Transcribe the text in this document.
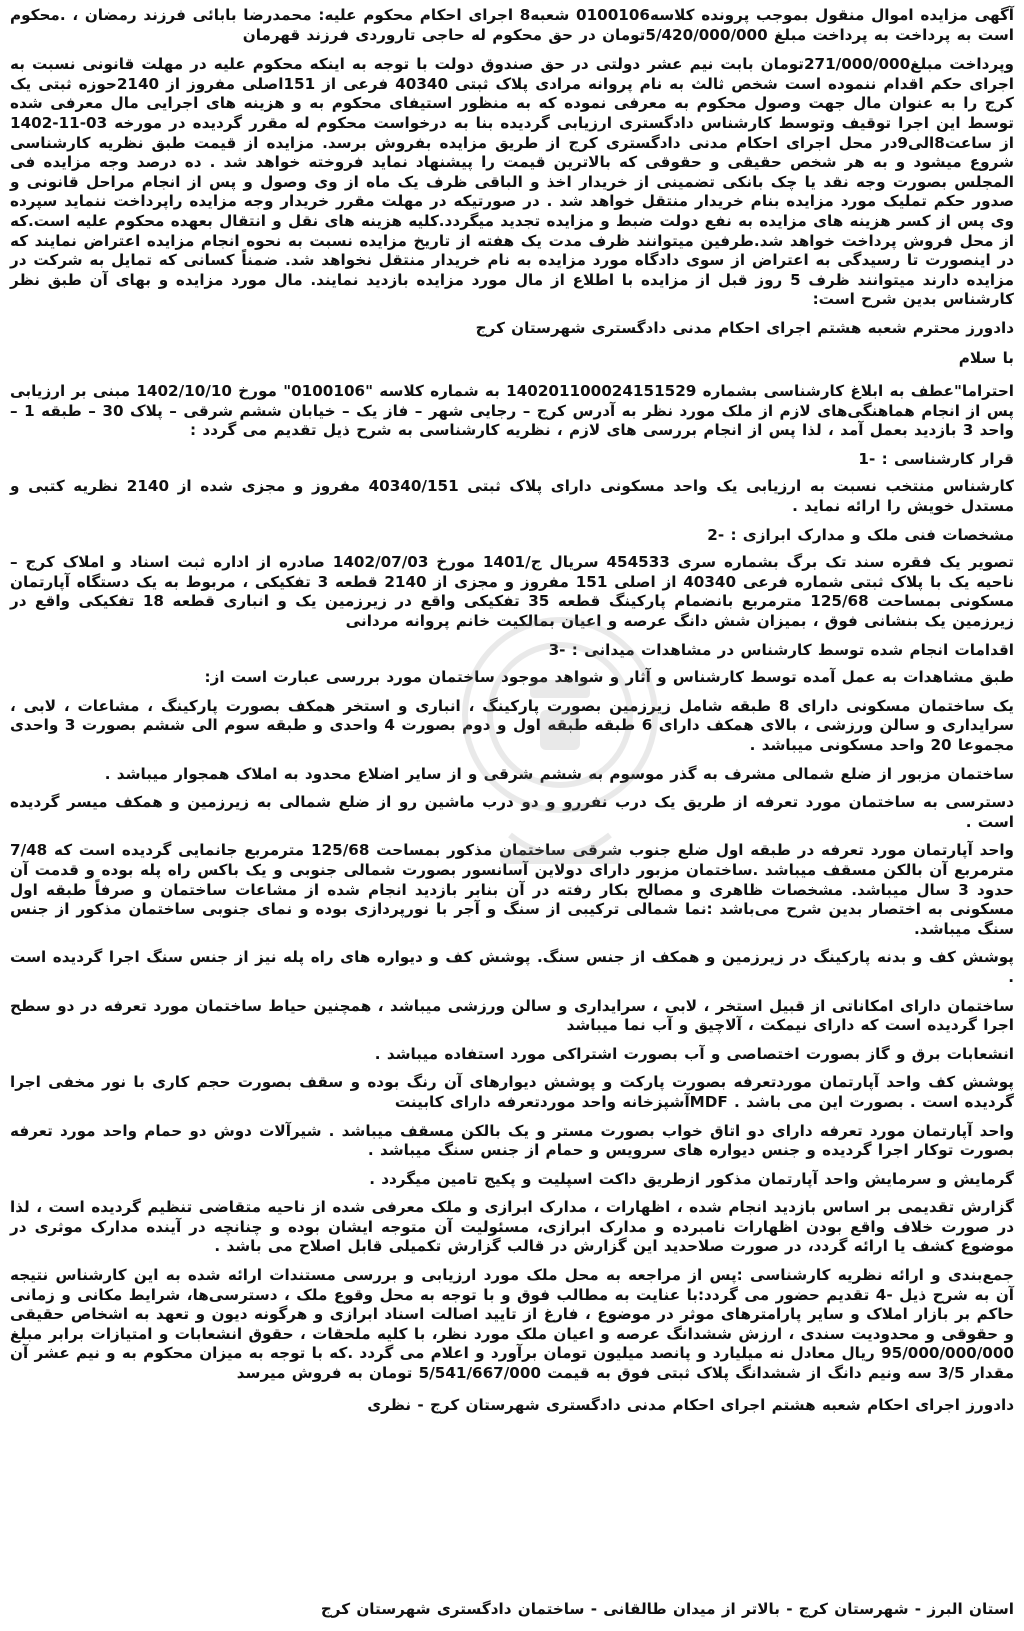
آگهی مزایده اموال منقول بموجب پرونده کلاسه0100106 شعبه8 اجرای احکام محکوم علیه: محمدرضا بابائی فرزند رمضان ، .محکوم است به پرداخت به پرداخت مبلغ 5/420/000/000تومان در حق محکوم له حاجی تاروردی فرزند قهرمان

وپرداخت مبلغ271/000/000تومان بابت نیم عشر دولتی در حق صندوق دولت با توجه به اینکه محکوم علیه در مهلت قانونی نسبت به اجرای حکم اقدام ننموده است شخص ثالث به نام پروانه مرادی پلاک ثبتی 40340 فرعی از 151اصلی مفروز از 2140حوزه ثبتی یک کرج را به عنوان مال جهت وصول محکوم به معرفی نموده که به منظور استیفای محکوم به و هزینه های اجرایی مال معرفی شده توسط این اجرا توقیف وتوسط کارشناس دادگستری ارزیابی گردیده بنا به درخواست محکوم له مقرر گردیده در مورخه 03-11-1402 از ساعت8الی9در محل اجرای احکام مدنی دادگستری کرج از طریق مزایده بفروش برسد. مزایده از قیمت طبق نظریه کارشناسی شروع میشود و به هر شخص حقیقی و حقوقی که بالاترین قیمت را پیشنهاد نماید فروخته خواهد شد . ده درصد وجه مزایده فی المجلس بصورت وجه نقد یا چک بانکی تضمینی از خریدار اخذ و الباقی ظرف یک ماه از وی وصول و پس از انجام مراحل قانونی و صدور حکم تملیک مورد مزایده بنام خریدار منتقل خواهد شد . در صورتیکه در مهلت مقرر خریدار وجه مزایده راپرداخت ننماید سپرده وی پس از کسر هزینه های مزایده به نفع دولت ضبط و مزایده تجدید میگردد.کلیه هزینه های نقل و انتقال بعهده محکوم علیه است.که از محل فروش پرداخت خواهد شد.طرفین میتوانند ظرف مدت یک هفته از تاریخ مزایده نسبت به نحوه انجام مزایده اعتراض نمایند که در اینصورت تا رسیدگی به اعتراض از سوی دادگاه مورد مزایده به نام خریدار منتقل نخواهد شد. ضمناً کسانی که تمایل به شرکت در مزایده دارند میتوانند ظرف 5 روز قبل از مزایده با اطلاع از مال مورد مزایده بازدید نمایند. مال مورد مزایده و بهای آن طبق نظر کارشناس بدین شرح است:

دادورز محترم شعبه هشتم اجرای احکام مدنی دادگستری شهرستان کرج

با سلام

احتراما"عطف به ابلاغ کارشناسی بشماره 140201100024151529 به شماره کلاسه "0100106" مورخ 1402/10/10 مبنی بر ارزیابی پس از انجام هماهنگی‌های لازم از ملک مورد نظر به آدرس کرج – رجایی شهر – فاز یک – خیابان ششم شرقی – پلاک 30 – طبقه 1 – واحد 3 بازدید بعمل آمد ، لذا پس از انجام بررسی های لازم ، نظریه کارشناسی به شرح ذیل تقدیم می گردد :

قرار کارشناسی : -1

کارشناس منتخب نسبت به ارزیابی یک واحد مسکونی دارای پلاک ثبتی 40340/151 مفروز و مجزی شده از 2140 نظریه کتبی و مستدل خویش را ارائه نماید .

مشخصات فنی ملک و مدارک ابرازی : -2

تصویر یک فقره سند تک برگ بشماره سری 454533 سریال ج/1401 مورخ 1402/07/03 صادره از اداره ثبت اسناد و املاک کرج – ناحیه یک با پلاک ثبتی شماره فرعی 40340 از اصلی 151 مفروز و مجزی از 2140 قطعه 3 تفکیکی ، مربوط به یک دستگاه آپارتمان مسکونی بمساحت 125/68 مترمربع بانضمام پارکینگ قطعه 35 تفکیکی واقع در زیرزمین یک و انباری قطعه 18 تفکیکی واقع در زیرزمین یک بنشانی فوق ، بمیزان شش دانگ عرصه و اعیان بمالکیت خانم پروانه مردانی

اقدامات انجام شده توسط کارشناس در مشاهدات میدانی : -3

طبق مشاهدات به عمل آمده توسط کارشناس و آثار و شواهد موجود ساختمان مورد بررسی عبارت است از:

یک ساختمان مسکونی دارای 8 طبقه شامل زیرزمین بصورت پارکینگ ، انباری و استخر همکف بصورت پارکینگ ، مشاعات ، لابی ، سرایداری و سالن ورزشی ، بالای همکف دارای 6 طبقه طبقه اول و دوم بصورت 4 واحدی و طبقه سوم الی ششم بصورت 3 واحدی مجموعا 20 واحد مسکونی میباشد .

ساختمان مزبور از ضلع شمالی مشرف به گذر موسوم به ششم شرقی و از سایر اضلاع محدود به املاک همجوار میباشد .

دسترسی به ساختمان مورد تعرفه از طریق یک درب نفررو و دو درب ماشین رو از ضلع شمالی به زیرزمین و همکف میسر گردیده است .

واحد آپارتمان مورد تعرفه در طبقه اول ضلع جنوب شرقی ساختمان مذکور بمساحت 125/68 مترمربع جانمایی گردیده است که 7/48 مترمربع آن بالکن مسقف میباشد .ساختمان مزبور دارای دولاین آسانسور بصورت شمالی جنوبی و یک باکس راه پله بوده و قدمت آن حدود 3 سال میباشد. مشخصات ظاهری و مصالح بکار رفته در آن بنابر بازدید انجام شده از مشاعات ساختمان و صرفاً طبقه اول مسکونی به اختصار بدین شرح می‌باشد :نما شمالی ترکیبی از سنگ و آجر با نورپردازی بوده و نمای جنوبی ساختمان مذکور از جنس سنگ میباشد.

پوشش کف و بدنه پارکینگ در زیرزمین و همکف از جنس سنگ. پوشش کف و دیواره های راه پله نیز از جنس سنگ اجرا گردیده است .

ساختمان دارای امکاناتی از قبیل استخر ، لابی ، سرایداری و سالن ورزشی میباشد ، همچنین حیاط ساختمان مورد تعرفه در دو سطح اجرا گردیده است که دارای نیمکت ، آلاچیق و آب نما میباشد

انشعابات برق و گاز بصورت اختصاصی و آب بصورت اشتراکی مورد استفاده میباشد .

پوشش کف واحد آپارتمان موردتعرفه بصورت پارکت و پوشش دیوارهای آن رنگ بوده و سقف بصورت حجم کاری با نور مخفی اجرا گردیده است . بصورت این می باشد . MDFآشپزخانه واحد موردتعرفه دارای کابینت

واحد آپارتمان مورد تعرفه دارای دو اتاق خواب بصورت مستر و یک بالکن مسقف میباشد . شیرآلات دوش دو حمام واحد مورد تعرفه بصورت توکار اجرا گردیده و جنس دیواره های سرویس و حمام از جنس سنگ میباشد .

گرمایش و سرمایش واحد آپارتمان مذکور ازطریق داکت اسپلیت و پکیج تامین میگردد .

گزارش تقدیمی بر اساس بازدید انجام شده ، اظهارات ، مدارک ابرازی و ملک معرفی شده از ناحیه متقاضی تنظیم گردیده است ، لذا در صورت خلاف واقع بودن اظهارات نامبرده و مدارک ابرازی، مسئولیت آن متوجه ایشان بوده و چنانچه در آینده مدارک موثری در موضوع کشف یا ارائه گردد، در صورت صلاحدید این گزارش در قالب گزارش تکمیلی قابل اصلاح می باشد .

جمع‌بندی و ارائه نظریه کارشناسی :پس از مراجعه به محل ملک مورد ارزیابی و بررسی مستندات ارائه شده به این کارشناس نتیجه آن به شرح ذیل -4 تقدیم حضور می گردد:با عنایت به مطالب فوق و با توجه به محل وقوع ملک ، دسترسی‌ها، شرایط مکانی و زمانی حاکم بر بازار املاک و سایر پارامترهای موثر در موضوع ، فارغ از تایید اصالت اسناد ابرازی و هرگونه دیون و تعهد به اشخاص حقیقی و حقوقی و محدودیت سندی ، ارزش ششدانگ عرصه و اعیان ملک مورد نظر، با کلیه ملحقات ، حقوق انشعابات و امتیازات برابر مبلغ 95/000/000/000 ریال معادل نه میلیارد و پانصد میلیون تومان برآورد و اعلام می گردد .که با توجه به میزان محکوم به و نیم عشر آن مقدار 3/5 سه ونیم دانگ از ششدانگ پلاک ثبتی فوق به قیمت 5/541/667/000 تومان به فروش میرسد

دادورز اجرای احکام شعبه هشتم اجرای احکام مدنی دادگستری شهرستان کرج - نظری

استان البرز - شهرستان کرج - بالاتر از میدان طالقانی - ساختمان دادگستری شهرستان کرج
